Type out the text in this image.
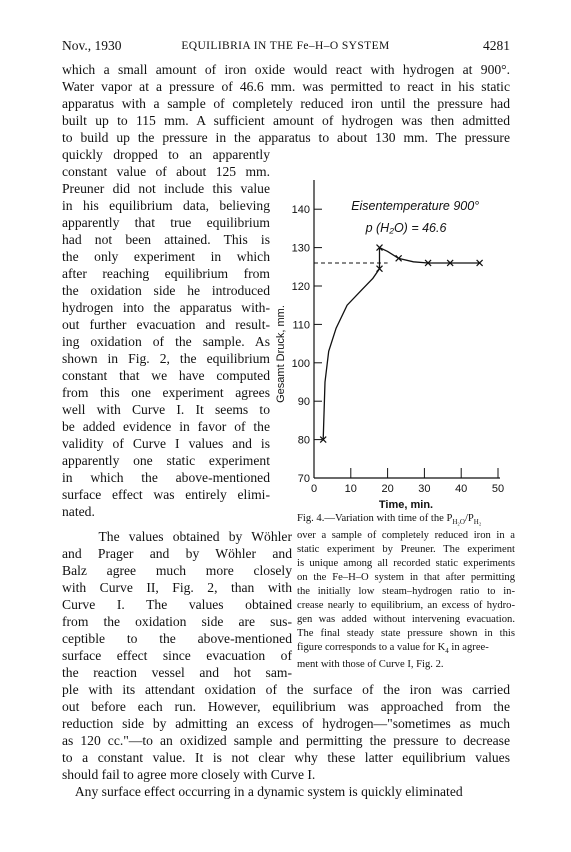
Nov., 1930	EQUILIBRIA IN THE Fe–H–O SYSTEM	4281
which a small amount of iron oxide would react with hydrogen at 900°.
Water vapor at a pressure of 46.6 mm. was permitted to react in his static
apparatus with a sample of completely reduced iron until the pressure had
built up to 115 mm. A sufficient amount of hydrogen was then admitted
to build up the pressure in the apparatus to about 130 mm. The pressure
quickly dropped to an apparently
constant value of about 125 mm.
Preuner did not include this value
in his equilibrium data, believing
apparently that true equilibrium
had not been attained. This is
the only experiment in which
after reaching equilibrium from
the oxidation side he introduced
hydrogen into the apparatus with-
out further evacuation and result-
ing oxidation of the sample. As
shown in Fig. 2, the equilibrium
constant that we have computed
from this one experiment agrees
well with Curve I. It seems to
be added evidence in favor of the
validity of Curve I values and is
apparently one static experiment
in which the above-mentioned
surface effect was entirely elimi-
nated.
70
80
90
100
110
120
130
140
0	10 20 30 40 50
Time, min.
Gesamt Druck, mm.
Eisentemperature 900°
p (H₂O) = 46.6
The values obtained by Wöhler
and Prager and by Wöhler and
Balz agree much more closely
with Curve II, Fig. 2, than with
Curve I. The values obtained
from the oxidation side are sus-
ceptible to the above-mentioned
surface effect since evacuation of
the reaction vessel and hot sam-
Fig. 4.—Variation with time of the $P_{H_2O}/P_{H_2}$
over a sample of completely reduced iron in a
static experiment by Preuner. The experiment
is unique among all recorded static experiments
on the Fe–H–O system in that after permitting
the initially low steam–hydrogen ratio to in-
crease nearly to equilibrium, an excess of hydro-
gen was added without intervening evacuation.
The final steady state pressure shown in this
figure corresponds to a value for $K_4$ in agree-
ment with those of Curve I, Fig. 2.
ple with its attendant oxidation of the surface of the iron was carried
out before each run. However, equilibrium was approached from the
reduction side by admitting an excess of hydrogen—"sometimes as much
as 120 cc."—to an oxidized sample and permitting the pressure to decrease
to a constant value. It is not clear why these latter equilibrium values
should fail to agree more closely with Curve I.
Any surface effect occurring in a dynamic system is quickly eliminated
